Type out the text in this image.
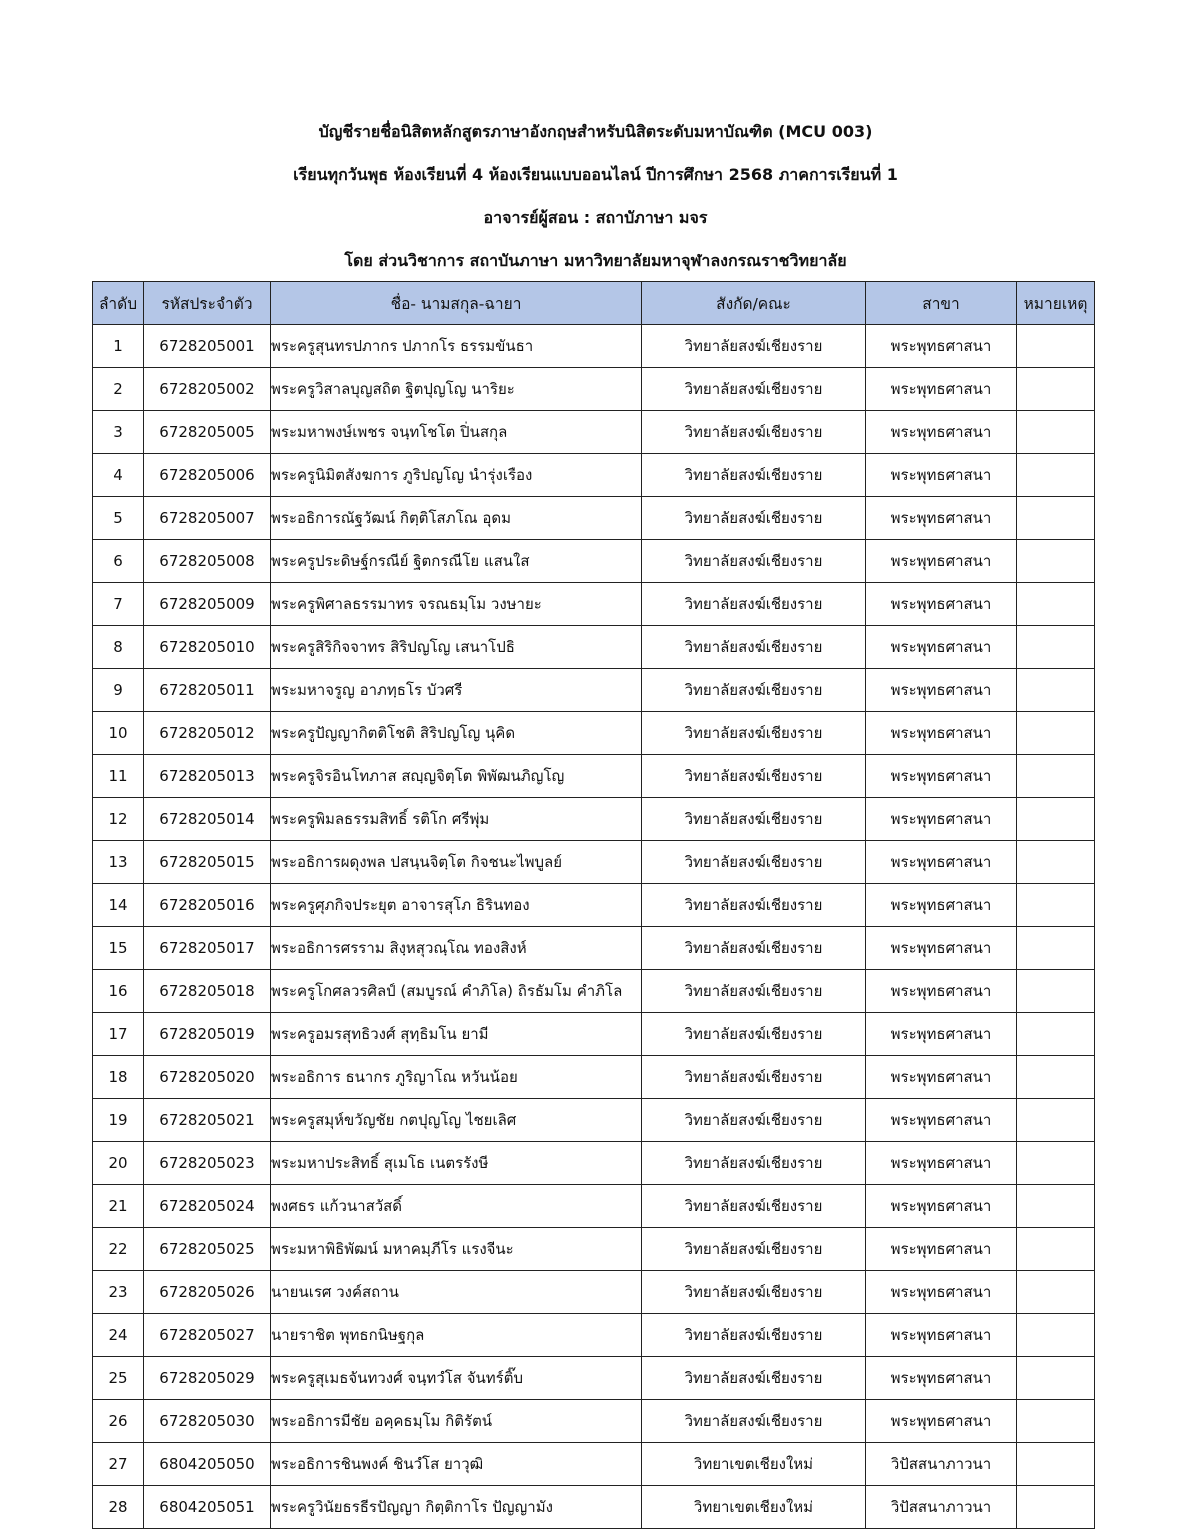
บัญชีรายชื่อนิสิตหลักสูตรภาษาอังกฤษสำหรับนิสิตระดับมหาบัณฑิต (MCU 003)
เรียนทุกวันพุธ ห้องเรียนที่ 4 ห้องเรียนแบบออนไลน์ ปีการศึกษา 2568 ภาคการเรียนที่ 1
อาจารย์ผู้สอน : สถาบัภาษา มจร
โดย ส่วนวิชาการ สถาบันภาษา มหาวิทยาลัยมหาจุฬาลงกรณราชวิทยาลัย
ลำดับ	รหัสประจำตัว	ชื่อ- นามสกุล-ฉายา	สังกัด/คณะ	สาขา	หมายเหตุ
1	6728205001	พระครูสุนทรปภากร ปภากโร ธรรมขันธา	วิทยาลัยสงฆ์เชียงราย	พระพุทธศาสนา	
2	6728205002	พระครูวิสาลบุญสถิต ฐิตปุญโญ นาริยะ	วิทยาลัยสงฆ์เชียงราย	พระพุทธศาสนา	
3	6728205005	พระมหาพงษ์เพชร จนฺทโชโต ปิ่นสกุล	วิทยาลัยสงฆ์เชียงราย	พระพุทธศาสนา	
4	6728205006	พระครูนิมิตสังฆการ ภูริปญโญ นำรุ่งเรือง	วิทยาลัยสงฆ์เชียงราย	พระพุทธศาสนา	
5	6728205007	พระอธิการณัฐวัฒน์ กิตฺติโสภโณ อุดม	วิทยาลัยสงฆ์เชียงราย	พระพุทธศาสนา	
6	6728205008	พระครูประดิษฐ์กรณีย์ ฐิตกรณีโย แสนใส	วิทยาลัยสงฆ์เชียงราย	พระพุทธศาสนา	
7	6728205009	พระครูพิศาลธรรมาทร จรณธมฺโม วงษายะ	วิทยาลัยสงฆ์เชียงราย	พระพุทธศาสนา	
8	6728205010	พระครูสิริกิจจาทร สิริปญโญ เสนาโปธิ	วิทยาลัยสงฆ์เชียงราย	พระพุทธศาสนา	
9	6728205011	พระมหาจรูญ อาภทฺธโร บัวศรี	วิทยาลัยสงฆ์เชียงราย	พระพุทธศาสนา	
10	6728205012	พระครูปัญญากิตติโชติ สิริปญโญ นุคิด	วิทยาลัยสงฆ์เชียงราย	พระพุทธศาสนา	
11	6728205013	พระครูจิรอินโทภาส สญฺญจิตฺโต พิพัฒนภิญโญ	วิทยาลัยสงฆ์เชียงราย	พระพุทธศาสนา	
12	6728205014	พระครูพิมลธรรมสิทธิ์ รติโก ศรีพุ่ม	วิทยาลัยสงฆ์เชียงราย	พระพุทธศาสนา	
13	6728205015	พระอธิการผดุงพล ปสนฺนจิตฺโต กิจชนะไพบูลย์	วิทยาลัยสงฆ์เชียงราย	พระพุทธศาสนา	
14	6728205016	พระครูศุภกิจประยุต อาจารสุโภ ธิรินทอง	วิทยาลัยสงฆ์เชียงราย	พระพุทธศาสนา	
15	6728205017	พระอธิการศรราม สิงฺหสุวณฺโณ ทองสิงห์	วิทยาลัยสงฆ์เชียงราย	พระพุทธศาสนา	
16	6728205018	พระครูโกศลวรศิลป์ (สมบูรณ์ คำภิโล) ถิรธัมโม คำภิโล	วิทยาลัยสงฆ์เชียงราย	พระพุทธศาสนา	
17	6728205019	พระครูอมรสุทธิวงศ์ สุทฺธิมโน ยามี	วิทยาลัยสงฆ์เชียงราย	พระพุทธศาสนา	
18	6728205020	พระอธิการ ธนากร ภูริญาโณ หวันน้อย	วิทยาลัยสงฆ์เชียงราย	พระพุทธศาสนา	
19	6728205021	พระครูสมุห์ขวัญชัย กตปุญโญ ไชยเลิศ	วิทยาลัยสงฆ์เชียงราย	พระพุทธศาสนา	
20	6728205023	พระมหาประสิทธิ์ สุเมโธ เนตรรังษี	วิทยาลัยสงฆ์เชียงราย	พระพุทธศาสนา	
21	6728205024	พงศธร แก้วนาสวัสดิ์	วิทยาลัยสงฆ์เชียงราย	พระพุทธศาสนา	
22	6728205025	พระมหาพิธิพัฒน์ มหาคมฺภีโร แรงจีนะ	วิทยาลัยสงฆ์เชียงราย	พระพุทธศาสนา	
23	6728205026	นายนเรศ วงค์สถาน	วิทยาลัยสงฆ์เชียงราย	พระพุทธศาสนา	
24	6728205027	นายราชิต พุทธกนิษฐกุล	วิทยาลัยสงฆ์เชียงราย	พระพุทธศาสนา	
25	6728205029	พระครูสุเมธจันทวงศ์ จนฺทวํโส จันทร์ติ๊บ	วิทยาลัยสงฆ์เชียงราย	พระพุทธศาสนา	
26	6728205030	พระอธิการมีชัย อคฺคธมฺโม กิติรัตน์	วิทยาลัยสงฆ์เชียงราย	พระพุทธศาสนา	
27	6804205050	พระอธิการชินพงค์ ชินวํโส ยาวุฒิ	วิทยาเขตเชียงใหม่	วิปัสสนาภาวนา	
28	6804205051	พระครูวินัยธรธีรปัญญา กิตฺติกาโร ปัญญามัง	วิทยาเขตเชียงใหม่	วิปัสสนาภาวนา	
